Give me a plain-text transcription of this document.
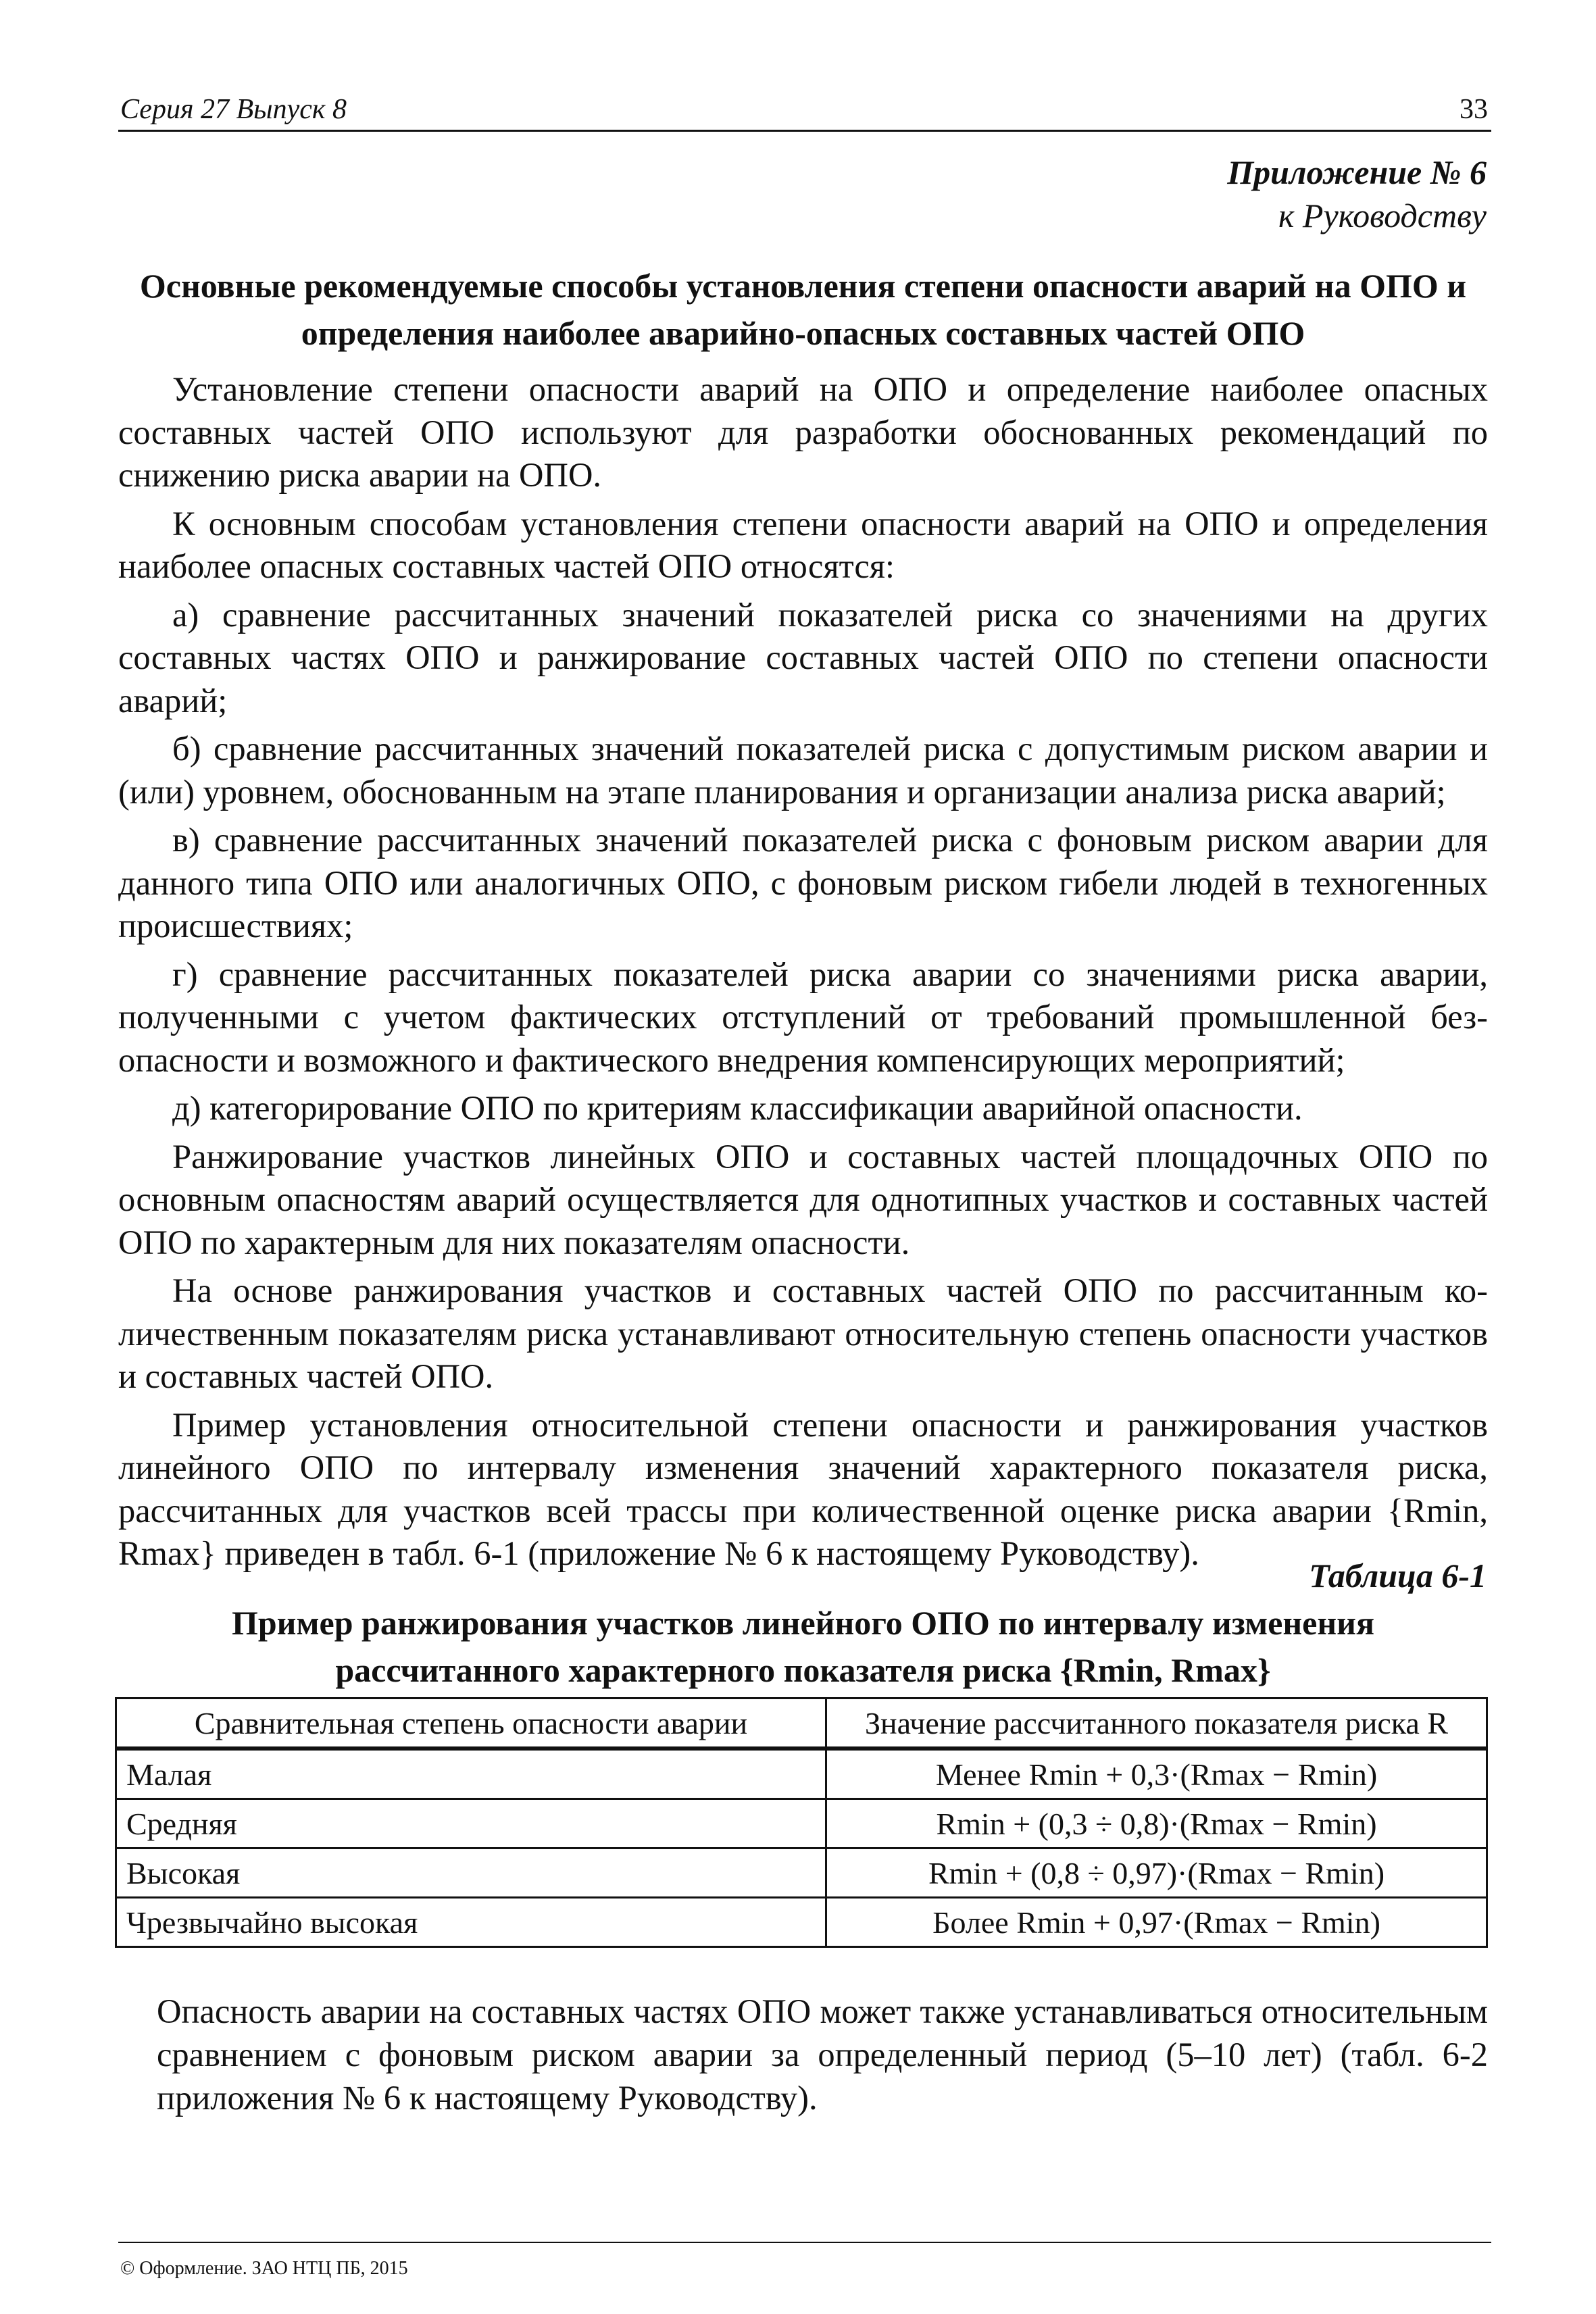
Серия 27 Выпуск 8	33
Приложение № 6
к Руководству
Основные рекомендуемые способы установления степени опасности аварий на ОПО и определения наиболее аварийно-опасных составных частей ОПО

Установление степени опасности аварий на ОПО и определение наиболее опасных составных частей ОПО используют для разработки обоснованных рекомендаций по снижению риска аварии на ОПО.

К основным способам установления степени опасности аварий на ОПО и определения наиболее опасных составных частей ОПО относятся:

а) сравнение рассчитанных значений показателей риска со значениями на других составных частях ОПО и ранжирование составных частей ОПО по степени опасности аварий;

б) сравнение рассчитанных значений показателей риска с допустимым риском аварии и (или) уровнем, обоснованным на этапе планирования и организации анализа риска аварий;

в) сравнение рассчитанных значений показателей риска с фоновым риском аварии для данного типа ОПО или аналогичных ОПО, с фоновым риском гибели людей в техногенных происшествиях;

г) сравнение рассчитанных показателей риска аварии со значениями риска аварии, полученными с учетом фактических отступлений от требований промышленной безопасности и возможного и фактического внедрения компенсирующих мероприятий;

д) категорирование ОПО по критериям классификации аварийной опасности.

Ранжирование участков линейных ОПО и составных частей площадочных ОПО по основным опасностям аварий осуществляется для однотипных участков и составных частей ОПО по характерным для них показателям опасности.

На основе ранжирования участков и составных частей ОПО по рассчитанным количественным показателям риска устанавливают относительную степень опасности участков и составных частей ОПО.

Пример установления относительной степени опасности и ранжирования участков линейного ОПО по интервалу изменения значений характерного показателя риска, рассчитанных для участков всей трассы при количественной оценке риска аварии {Rmin, Rmax} приведен в табл. 6-1 (приложение № 6 к настоящему Руководству).

Таблица 6-1
Пример ранжирования участков линейного ОПО по интервалу изменения рассчитанного характерного показателя риска {Rmin, Rmax}
Сравнительная степень опасности аварии	Значение рассчитанного показателя риска R
Малая	Менее Rmin + 0,3·(Rmax − Rmin)
Средняя	Rmin + (0,3 ÷ 0,8)·(Rmax − Rmin)
Высокая	Rmin + (0,8 ÷ 0,97)·(Rmax − Rmin)
Чрезвычайно высокая	Более Rmin + 0,97·(Rmax − Rmin)

Опасность аварии на составных частях ОПО может также устанавливаться относительным сравнением с фоновым риском аварии за определенный период (5–10 лет) (табл. 6-2 приложения № 6 к настоящему Руководству).

© Оформление. ЗАО НТЦ ПБ, 2015
